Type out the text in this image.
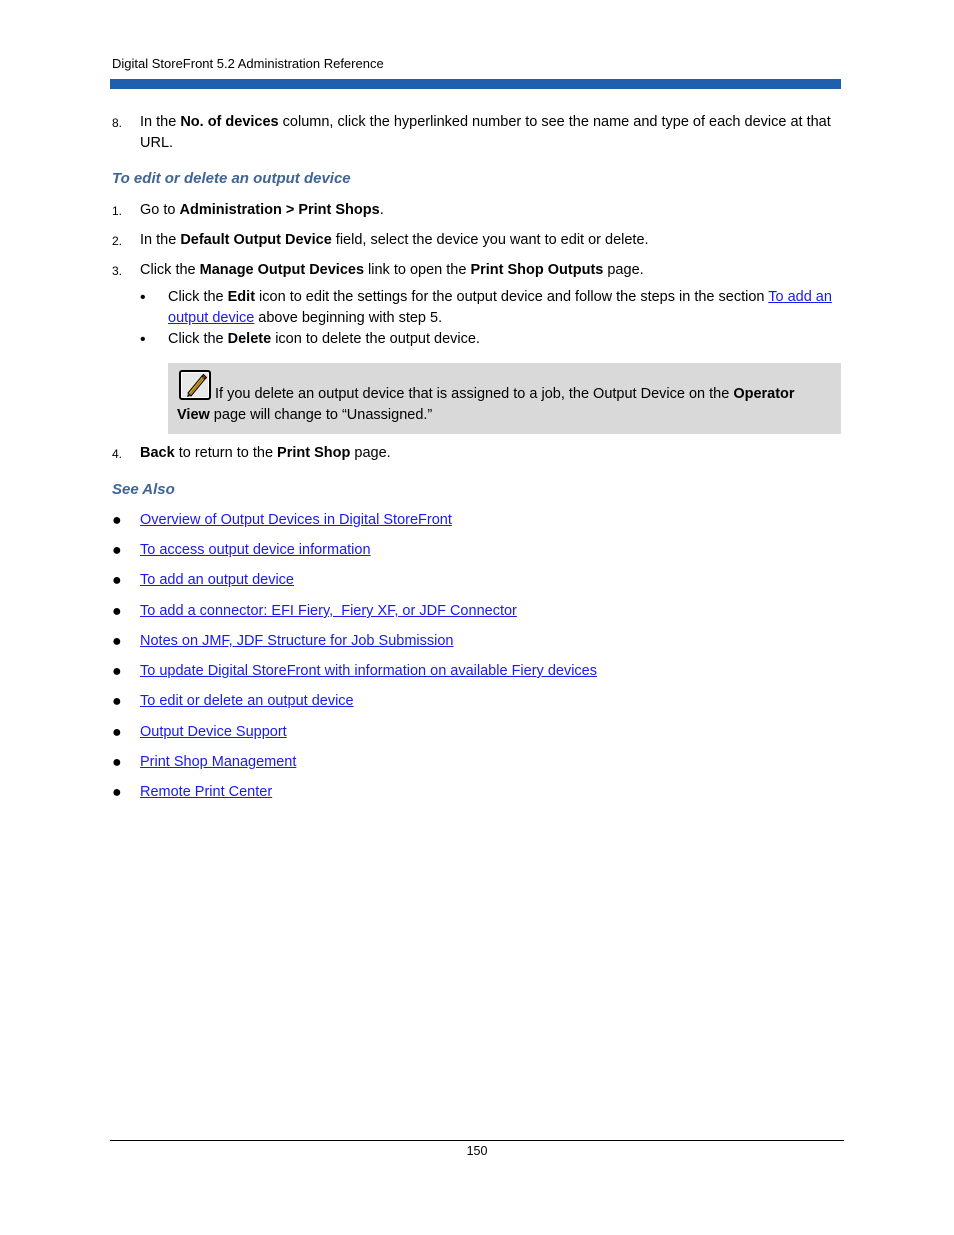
Digital StoreFront 5.2 Administration Reference
8. In the No. of devices column, click the hyperlinked number to see the name and type of each device at that URL.
To edit or delete an output device
1. Go to Administration > Print Shops.
2. In the Default Output Device field, select the device you want to edit or delete.
3. Click the Manage Output Devices link to open the Print Shop Outputs page.
• Click the Edit icon to edit the settings for the output device and follow the steps in the section To add an output device above beginning with step 5.
• Click the Delete icon to delete the output device.
If you delete an output device that is assigned to a job, the Output Device on the Operator View page will change to “Unassigned.”
4. Back to return to the Print Shop page.
See Also
● Overview of Output Devices in Digital StoreFront
● To access output device information
● To add an output device
● To add a connector: EFI Fiery,  Fiery XF, or JDF Connector
● Notes on JMF, JDF Structure for Job Submission
● To update Digital StoreFront with information on available Fiery devices
● To edit or delete an output device
● Output Device Support
● Print Shop Management
● Remote Print Center
150
